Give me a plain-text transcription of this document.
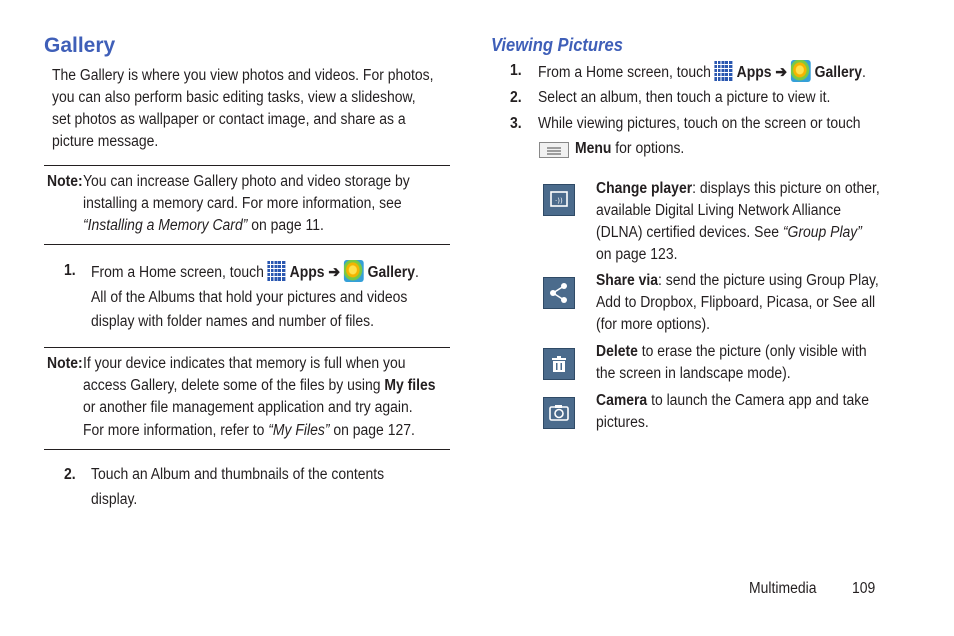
Gallery
The Gallery is where you view photos and videos. For photos,
you can also perform basic editing tasks, view a slideshow,
set photos as wallpaper or contact image, and share as a
picture message.
Note: You can increase Gallery photo and video storage by
installing a memory card. For more information, see
“Installing a Memory Card” on page 11.
1. From a Home screen, touch  Apps ➔  Gallery.
All of the Albums that hold your pictures and videos
display with folder names and number of files.
Note: If your device indicates that memory is full when you
access Gallery, delete some of the files by using My files
or another file management application and try again.
For more information, refer to “My Files” on page 127.
2. Touch an Album and thumbnails of the contents
display.
Viewing Pictures
1. From a Home screen, touch  Apps ➔  Gallery.
2. Select an album, then touch a picture to view it.
3. While viewing pictures, touch on the screen or touch
Menu for options.
·))
Change player: displays this picture on other,
available Digital Living Network Alliance
(DLNA) certified devices. See “Group Play”
on page 123.
Share via: send the picture using Group Play,
Add to Dropbox, Flipboard, Picasa, or See all
(for more options).
Delete to erase the picture (only visible with
the screen in landscape mode).
Camera to launch the Camera app and take
pictures.
Multimedia 109
